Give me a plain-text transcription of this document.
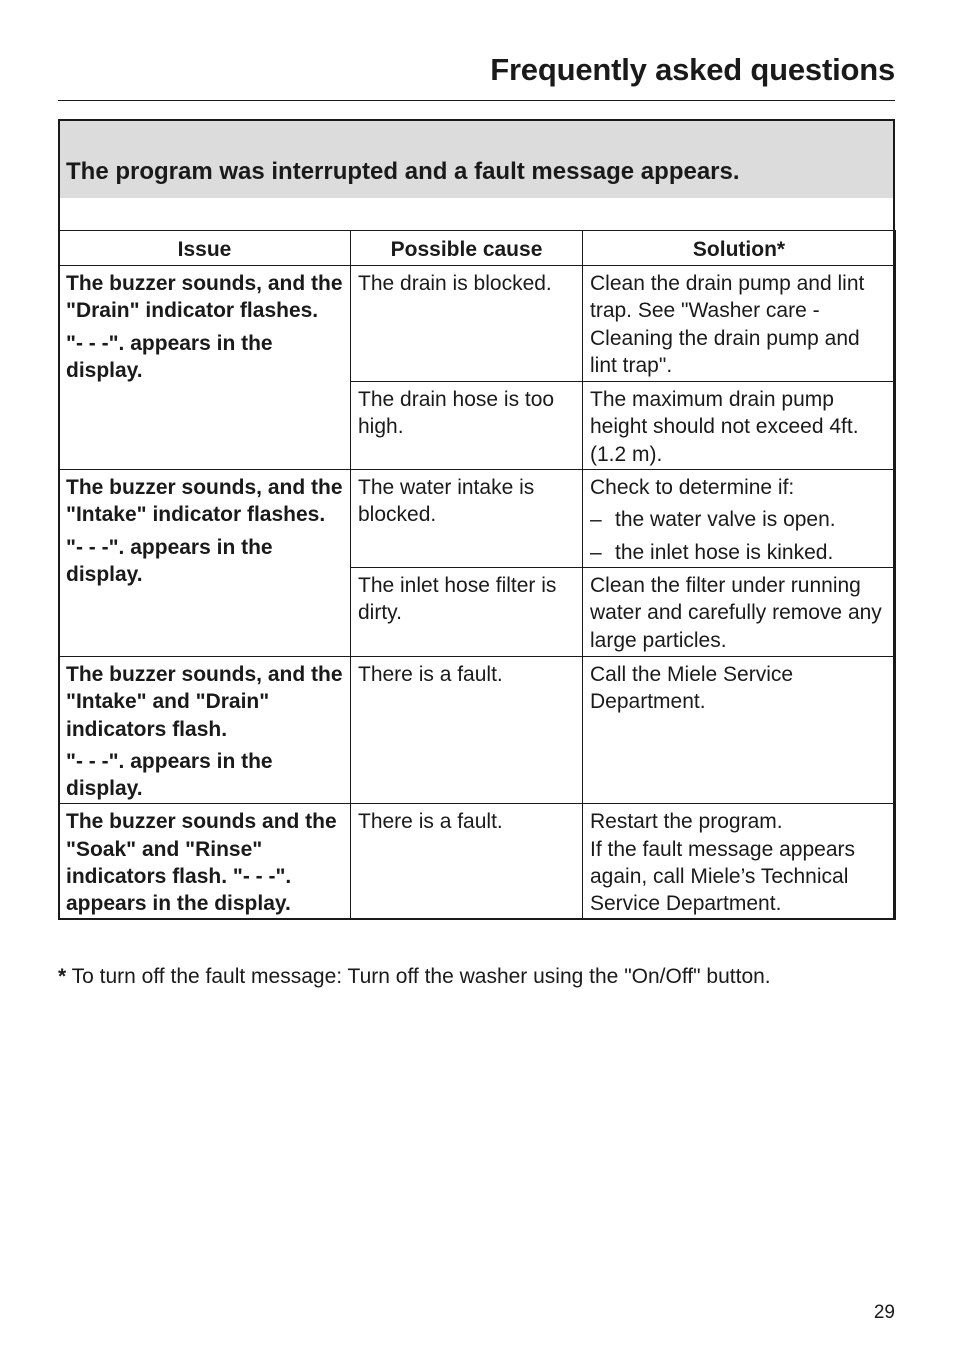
Frequently asked questions
The program was interrupted and a fault message appears.
Issue	Possible cause	Solution*

The buzzer sounds, and the "Drain" indicator flashes.
"- - -". appears in the display.	The drain is blocked.	Clean the drain pump and lint trap. See "Washer care - Cleaning the drain pump and lint trap".
	The drain hose is too high.	The maximum drain pump height should not exceed 4ft. (1.2 m).

The buzzer sounds, and the "Intake" indicator flashes.
"- - -". appears in the display.	The water intake is blocked.	Check to determine if:
– the water valve is open.
– the inlet hose is kinked.

	The inlet hose filter is dirty.	Clean the filter under running water and carefully remove any large particles.

The buzzer sounds, and the "Intake" and "Drain" indicators flash.
"- - -". appears in the display.	There is a fault.	Call the Miele Service Department.

The buzzer sounds and the "Soak" and "Rinse" indicators flash. "- - -". appears in the display.	There is a fault.	Restart the program.
If the fault message appears again, call Miele’s Technical Service Department.
* To turn off the fault message: Turn off the washer using the "On/Off" button.
29
